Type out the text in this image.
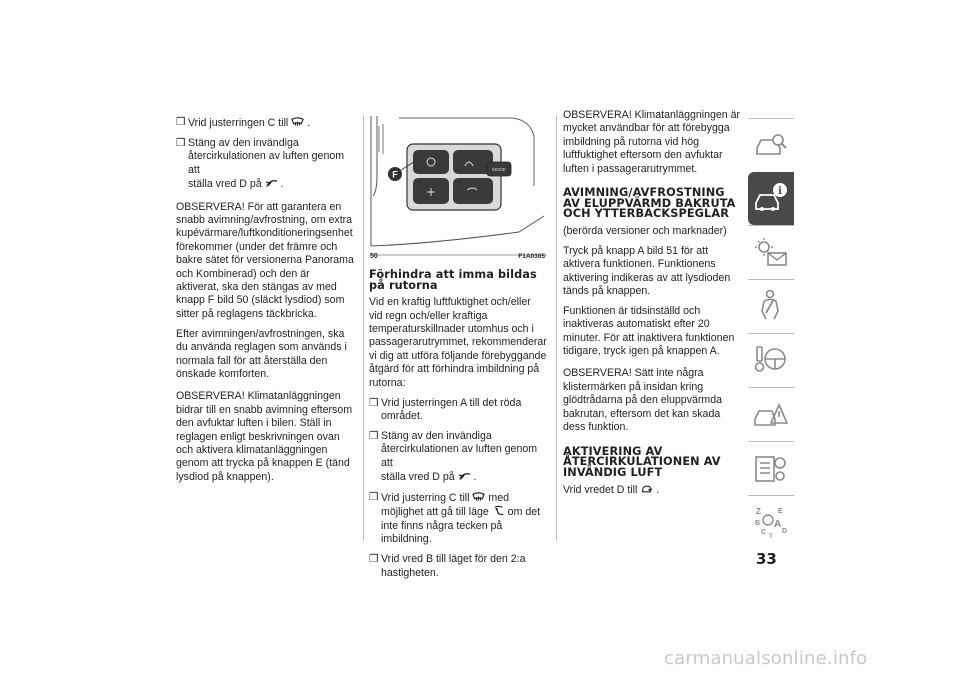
❒ Vrid justerringen C till .
❒ Stäng av den invändiga
återcirkulationen av luften genom att
ställa vred D på .

OBSERVERA! För att garantera en snabb avimning/avfrostning, om extra kupévärmare/luftkonditioneringsenhet förekommer (under det främre och bakre sätet för versionerna Panorama och Kombinerad) och den är aktiverat, ska den stängas av med knapp F bild 50 (släckt lysdiod) som sitter på reglagens täckbricka.

Efter avimningen/avfrostningen, ska du använda reglagen som används i normala fall för att återställa den önskade komforten.

OBSERVERA! Klimatanläggningen bidrar till en snabb avimning eftersom den avfuktar luften i bilen. Ställ in reglagen enligt beskrivningen ovan och aktivera klimatanläggningen genom att trycka på knappen E (tänd lysdiod på knappen).

MODE
F
50	F1A0305
Förhindra att imma bildas på rutorna

Vid en kraftig luftfuktighet och/eller vid regn och/eller kraftiga temperaturskillnader utomhus och i passagerarutrymmet, rekommenderar vi dig att utföra följande förebyggande åtgärd för att förhindra imbildning på rutorna:

❒ Vrid justerringen A till det röda området.
❒ Stäng av den invändiga
återcirkulationen av luften genom att
ställa vred D på .
❒ Vrid justerring C till med möjlighet att gå till läge om det inte finns några tecken på imbildning.
❒ Vrid vred B till läget för den 2:a hastigheten.

OBSERVERA! Klimatanläggningen är mycket användbar för att förebygga imbildning på rutorna vid hög luftfuktighet eftersom den avfuktar luften i passagerarutrymmet.

AVIMNING/AVFROSTNING AV ELUPPVÄRMD BAKRUTA OCH YTTERBACKSPEGLAR

(berörda versioner och marknader)

Tryck på knapp A bild 51 för att aktivera funktionen. Funktionens aktivering indikeras av att lysdioden tänds på knappen.

Funktionen är tidsinställd och inaktiveras automatiskt efter 20 minuter. För att inaktivera funktionen tidigare, tryck igen på knappen A.

OBSERVERA! Sätt inte några klistermärken på insidan kring glödtrådarna på den eluppvärmda bakrutan, eftersom det kan skada dess funktion.

AKTIVERING AV ÅTERCIRKULATIONEN AV INVÄNDIG LUFT

Vrid vredet D till .

i
Z E
B A
C D
T
33
carmanualsonline.info
